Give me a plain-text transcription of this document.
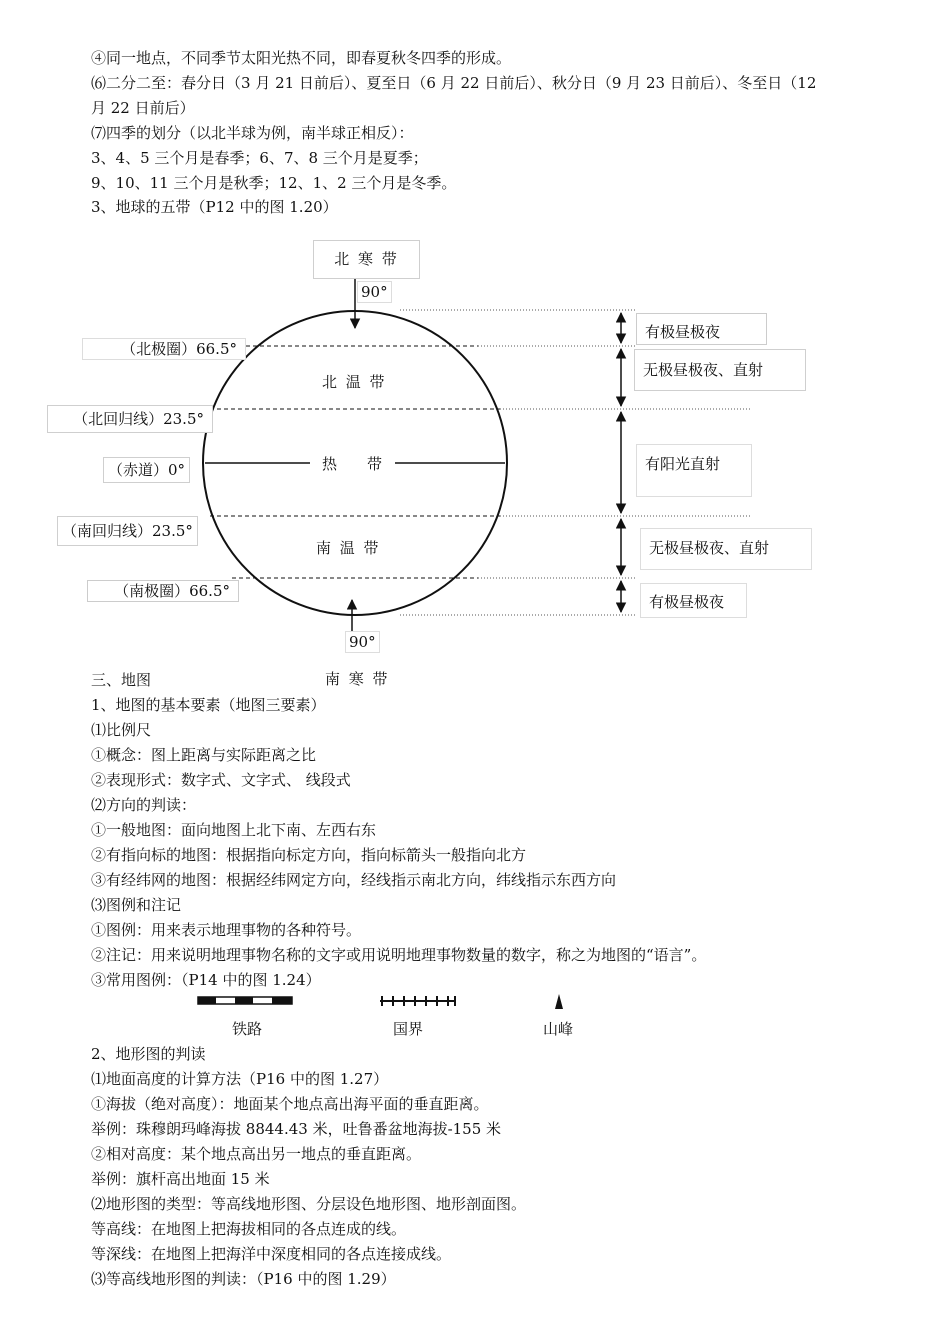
④同一地点，不同季节太阳光热不同，即春夏秋冬四季的形成。
⑹二分二至：春分日（3 月 21 日前后）、夏至日（6 月 22 日前后）、秋分日（9 月 23 日前后）、冬至日（12
月 22 日前后）
⑺四季的划分（以北半球为例，南半球正相反）：
3、4、5 三个月是春季；6、7、8 三个月是夏季；
9、10、11 三个月是秋季；12、1、2 三个月是冬季。
3、地球的五带（P12 中的图 1.20）
北 寒 带
90°
（北极圈）66.5°
（北回归线）23.5°
（赤道）0°
（南回归线）23.5°
（南极圈）66.5°
北 温 带
热　　带
南 温 带
90°
有极昼极夜
无极昼极夜、直射
有阳光直射
无极昼极夜、直射
有极昼极夜
三、地图	南 寒 带
1、地图的基本要素（地图三要素）
⑴比例尺
①概念：图上距离与实际距离之比
②表现形式：数字式、文字式、 线段式
⑵方向的判读：
①一般地图：面向地图上北下南、左西右东
②有指向标的地图：根据指向标定方向，指向标箭头一般指向北方
③有经纬网的地图：根据经纬网定方向，经线指示南北方向，纬线指示东西方向
⑶图例和注记
①图例：用来表示地理事物的各种符号。
②注记：用来说明地理事物名称的文字或用说明地理事物数量的数字，称之为地图的“语言”。
③常用图例：（P14 中的图 1.24）
铁路	国界	山峰
2、地形图的判读
⑴地面高度的计算方法（P16 中的图 1.27）
①海拔（绝对高度）：地面某个地点高出海平面的垂直距离。
举例：珠穆朗玛峰海拔 8844.43 米，吐鲁番盆地海拔-155 米
②相对高度：某个地点高出另一地点的垂直距离。
举例：旗杆高出地面 15 米
⑵地形图的类型：等高线地形图、分层设色地形图、地形剖面图。
等高线：在地图上把海拔相同的各点连成的线。
等深线：在地图上把海洋中深度相同的各点连接成线。
⑶等高线地形图的判读：（P16 中的图 1.29）
